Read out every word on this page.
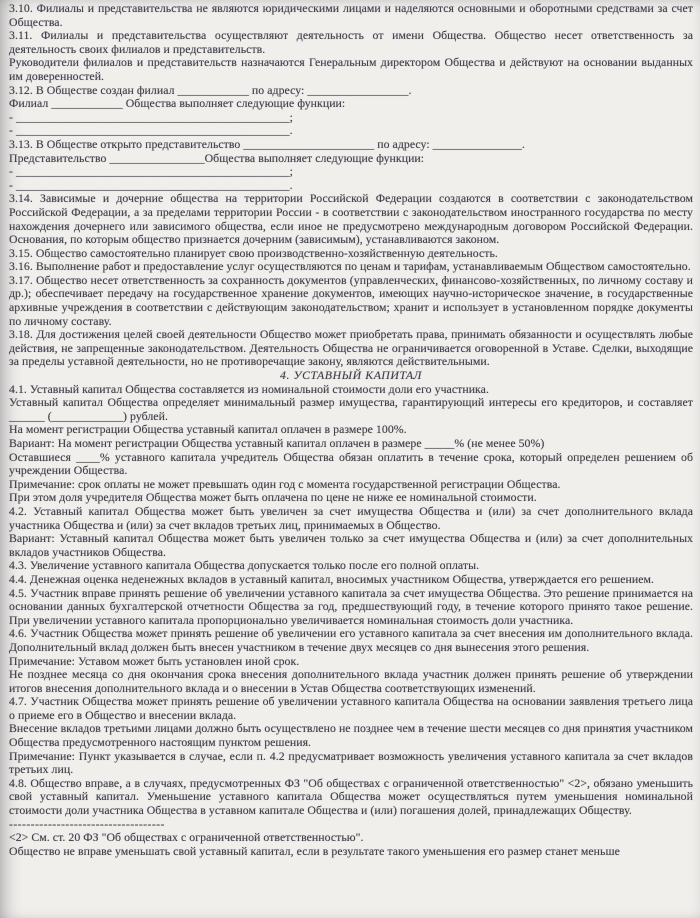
3.10. Филиалы и представительства не являются юридическими лицами и наделяются основными и оборотными средствами за счет Общества.

3.11. Филиалы и представительства осуществляют деятельность от имени Общества. Общество несет ответственность за деятельность своих филиалов и представительств.

Руководители филиалов и представительств назначаются Генеральным директором Общества и действуют на основании выданных им доверенностей.

3.12. В Обществе создан филиал ____________ по адресу: _________________.

Филиал ____________ Общества выполняет следующие функции:

- ______________________________________________;

- ______________________________________________.

3.13. В Обществе открыто представительство ______________________ по адресу: _______________.

Представительство ________________Общества выполняет следующие функции:

- ______________________________________________;

- ______________________________________________.

3.14. Зависимые и дочерние общества на территории Российской Федерации создаются в соответствии с законодательством Российской Федерации, а за пределами территории России - в соответствии с законодательством иностранного государства по месту нахождения дочернего или зависимого общества, если иное не предусмотрено международным договором Российской Федерации. Основания, по которым общество признается дочерним (зависимым), устанавливаются законом.

3.15. Общество самостоятельно планирует свою производственно-хозяйственную деятельность.

3.16. Выполнение работ и предоставление услуг осуществляются по ценам и тарифам, устанавливаемым Обществом самостоятельно.

3.17. Общество несет ответственность за сохранность документов (управленческих, финансово-хозяйственных, по личному составу и др.); обеспечивает передачу на государственное хранение документов, имеющих научно-историческое значение, в государственные архивные учреждения в соответствии с действующим законодательством; хранит и использует в установленном порядке документы по личному составу.

3.18. Для достижения целей своей деятельности Общество может приобретать права, принимать обязанности и осуществлять любые действия, не запрещенные законодательством. Деятельность Общества не ограничивается оговоренной в Уставе. Сделки, выходящие за пределы уставной деятельности, но не противоречащие закону, являются действительными.

4. УСТАВНЫЙ КАПИТАЛ

4.1. Уставный капитал Общества составляется из номинальной стоимости доли его участника.

Уставный капитал Общества определяет минимальный размер имущества, гарантирующий интересы его кредиторов, и составляет ______ (____________) рублей.

На момент регистрации Общества уставный капитал оплачен в размере 100%.

Вариант: На момент регистрации Общества уставный капитал оплачен в размере _____% (не менее 50%)

Оставшиеся ____% уставного капитала учредитель Общества обязан оплатить в течение срока, который определен решением об учреждении Общества.

Примечание: срок оплаты не может превышать один год с момента государственной регистрации Общества.

При этом доля учредителя Общества может быть оплачена по цене не ниже ее номинальной стоимости.

4.2. Уставный капитал Общества может быть увеличен за счет имущества Общества и (или) за счет дополнительного вклада участника Общества и (или) за счет вкладов третьих лиц, принимаемых в Общество.

Вариант: Уставный капитал Общества может быть увеличен только за счет имущества Общества и (или) за счет дополнительных вкладов участников Общества.

4.3. Увеличение уставного капитала Общества допускается только после его полной оплаты.

4.4. Денежная оценка неденежных вкладов в уставный капитал, вносимых участником Общества, утверждается его решением.

4.5. Участник вправе принять решение об увеличении уставного капитала за счет имущества Общества. Это решение принимается на основании данных бухгалтерской отчетности Общества за год, предшествующий году, в течение которого принято такое решение. При увеличении уставного капитала пропорционально увеличивается номинальная стоимость доли участника.

4.6. Участник Общества может принять решение об увеличении его уставного капитала за счет внесения им дополнительного вклада. Дополнительный вклад должен быть внесен участником в течение двух месяцев со дня вынесения этого решения.

Примечание: Уставом может быть установлен иной срок.

Не позднее месяца со дня окончания срока внесения дополнительного вклада участник должен принять решение об утверждении итогов внесения дополнительного вклада и о внесении в Устав Общества соответствующих изменений.

4.7. Участник Общества может принять решение об увеличении уставного капитала Общества на основании заявления третьего лица о приеме его в Общество и внесении вклада.

Внесение вкладов третьими лицами должно быть осуществлено не позднее чем в течение шести месяцев со дня принятия участником Общества предусмотренного настоящим пунктом решения.

Примечание: Пункт указывается в случае, если п. 4.2 предусматривает возможность увеличения уставного капитала за счет вкладов третьих лиц.

4.8. Общество вправе, а в случаях, предусмотренных ФЗ "Об обществах с ограниченной ответственностью" <2>, обязано уменьшить свой уставный капитал. Уменьшение уставного капитала Общества может осуществляться путем уменьшения номинальной стоимости доли участника Общества в уставном капитале Общества и (или) погашения долей, принадлежащих Обществу.

------------------------------------

<2> См. ст. 20 ФЗ "Об обществах с ограниченной ответственностью".

Общество не вправе уменьшать свой уставный капитал, если в результате такого уменьшения его размер станет меньше
